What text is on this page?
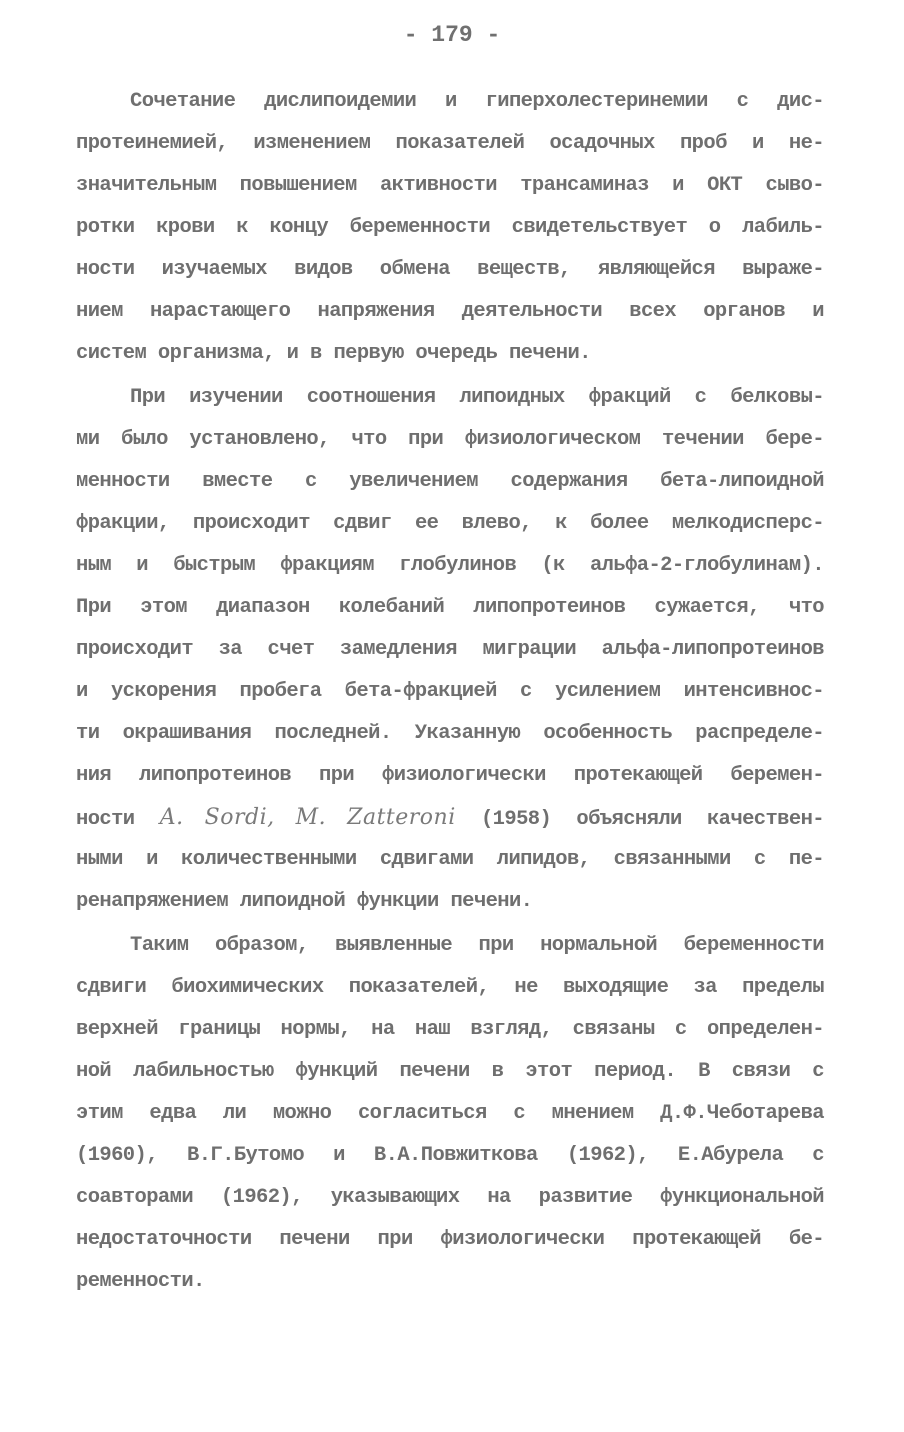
- 179 -
Сочетание дислипоидемии и гиперхолестеринемии с дис-
протеинемией, изменением показателей осадочных проб и не-
значительным повышением активности трансаминаз и ОКТ сыво-
ротки крови к концу беременности свидетельствует о лабиль-
ности изучаемых видов обмена веществ, являющейся выраже-
нием нарастающего напряжения деятельности всех органов и
систем организма, и в первую очередь печени.
При изучении соотношения липоидных фракций с белковы-
ми было установлено, что при физиологическом течении бере-
менности вместе с увеличением содержания бета-липоидной
фракции, происходит сдвиг ее влево, к более мелкодисперс-
ным и быстрым фракциям глобулинов (к альфа-2-глобулинам).
При этом диапазон колебаний липопротеинов сужается, что
происходит за счет замедления миграции альфа-липопротеинов
и ускорения пробега бета-фракцией с усилением интенсивнос-
ти окрашивания последней. Указанную особенность распределе-
ния липопротеинов при физиологически протекающей беремен-
ности A. Sordi, M. Zatteroni (1958) объясняли качествен-
ными и количественными сдвигами липидов, связанными с пе-
ренапряжением липоидной функции печени.
Таким образом, выявленные при нормальной беременности
сдвиги биохимических показателей, не выходящие за пределы
верхней границы нормы, на наш взгляд, связаны с определен-
ной лабильностью функций печени в этот период. В связи с
этим едва ли можно согласиться с мнением Д.Ф.Чеботарева
(1960), В.Г.Бутомо и В.А.Повжиткова (1962), Е.Абурела с
соавторами (1962), указывающих на развитие функциональной
недостаточности печени при физиологически протекающей бе-
ременности.
